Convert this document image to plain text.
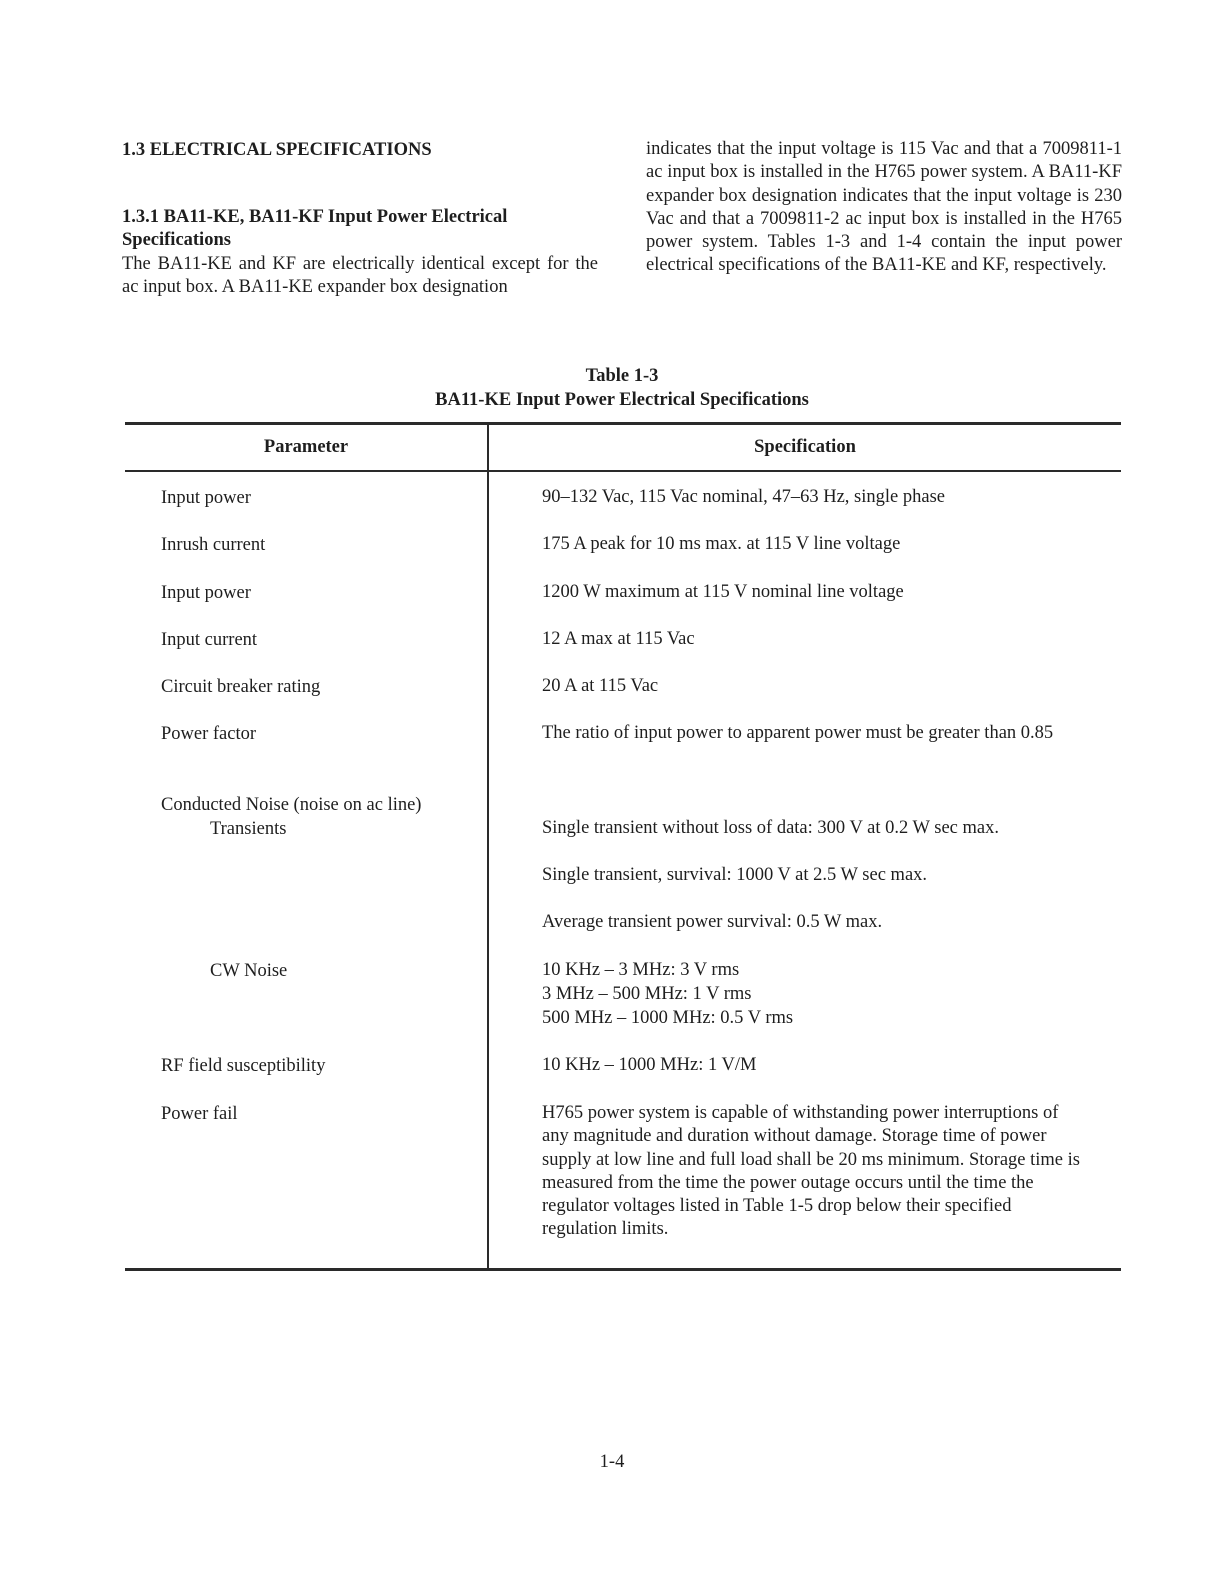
1.3 ELECTRICAL SPECIFICATIONS

1.3.1 BA11-KE, BA11-KF Input Power Electrical Specifications

The BA11-KE and KF are electrically identical except for the ac input box. A BA11-KE expander box designation

indicates that the input voltage is 115 Vac and that a 7009811-1 ac input box is installed in the H765 power system. A BA11-KF expander box designation indicates that the input voltage is 230 Vac and that a 7009811-2 ac input box is installed in the H765 power system. Tables 1-3 and 1-4 contain the input power electrical specifications of the BA11-KE and KF, respectively.

Table 1-3
BA11-KE Input Power Electrical Specifications
Parameter	Specification
Input power	90–132 Vac, 115 Vac nominal, 47–63 Hz, single phase
Inrush current	175 A peak for 10 ms max. at 115 V line voltage
Input power	1200 W maximum at 115 V nominal line voltage
Input current	12 A max at 115 Vac
Circuit breaker rating	20 A at 115 Vac
Power factor	The ratio of input power to apparent power must be greater than 0.85
Conducted Noise (noise on ac line)
Transients	Single transient without loss of data: 300 V at 0.2 W sec max.
Single transient, survival: 1000 V at 2.5 W sec max.
Average transient power survival: 0.5 W max.
CW Noise	10 KHz – 3 MHz: 3 V rms
3 MHz – 500 MHz: 1 V rms
500 MHz – 1000 MHz: 0.5 V rms
RF field susceptibility	10 KHz – 1000 MHz: 1 V/M
Power fail	H765 power system is capable of withstanding power interruptions of any magnitude and duration without damage. Storage time of power supply at low line and full load shall be 20 ms minimum. Storage time is measured from the time the power outage occurs until the time the regulator voltages listed in Table 1-5 drop below their specified regulation limits.
1-4
